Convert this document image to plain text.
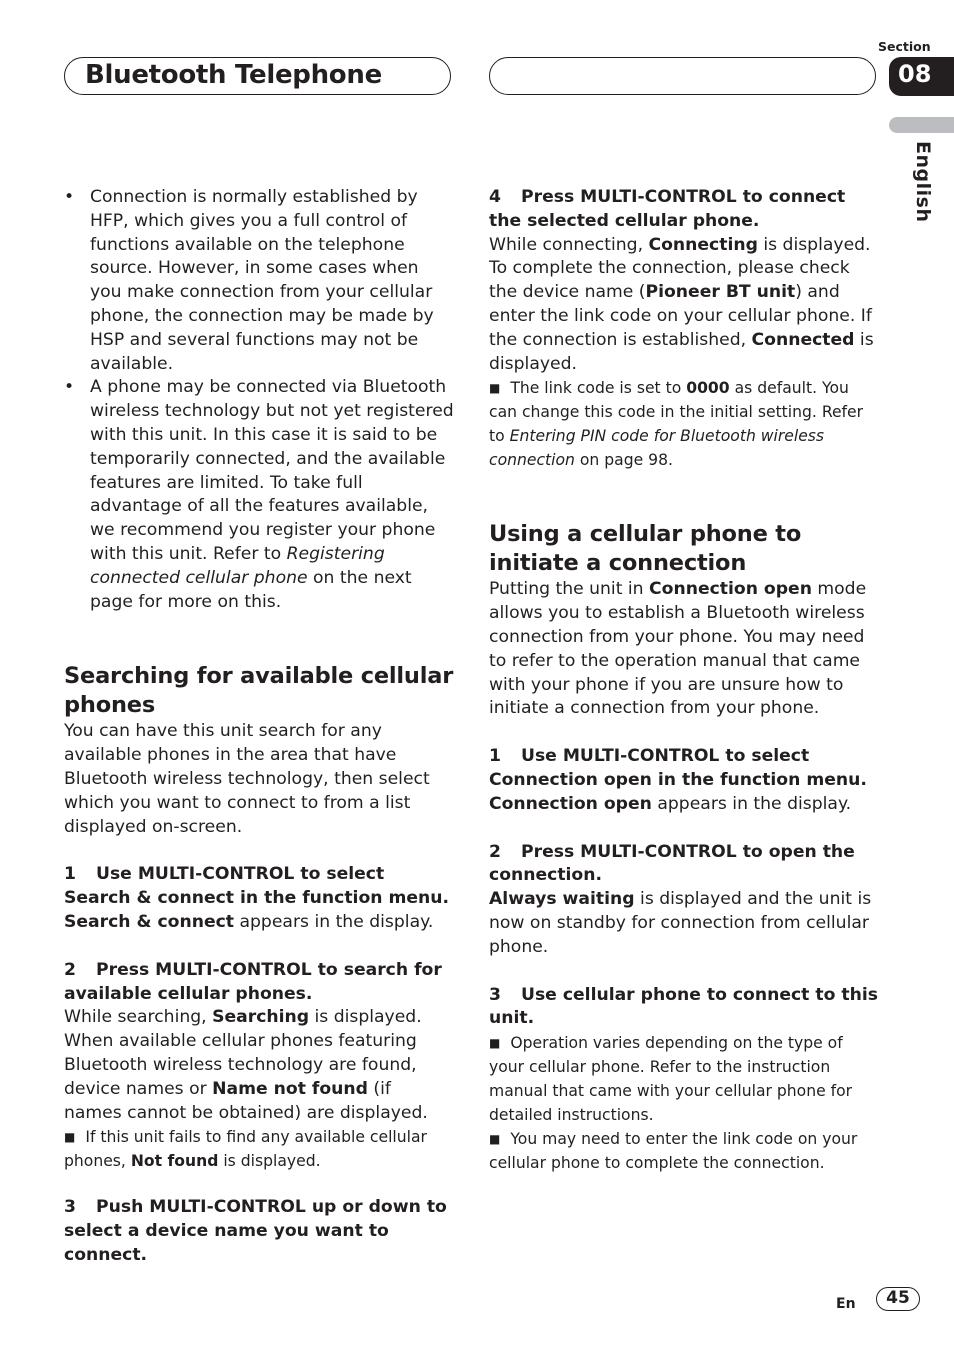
Bluetooth Telephone
Section
08
English
• Connection is normally established by HFP, which gives you a full control of functions available on the telephone source. However, in some cases when you make connection from your cellular phone, the connection may be made by HSP and several functions may not be available.
• A phone may be connected via Bluetooth wireless technology but not yet registered with this unit. In this case it is said to be temporarily connected, and the available features are limited. To take full advantage of all the features available, we recommend you register your phone with this unit. Refer to Registering connected cellular phone on the next page for more on this.
Searching for available cellular phones

You can have this unit search for any available phones in the area that have Bluetooth wireless technology, then select which you want to connect to from a list displayed on-screen.

1 Use MULTI-CONTROL to select Search & connect in the function menu.

Search & connect appears in the display.

2 Press MULTI-CONTROL to search for available cellular phones.

While searching, Searching is displayed. When available cellular phones featuring Bluetooth wireless technology are found, device names or Name not found (if names cannot be obtained) are displayed.

■ If this unit fails to find any available cellular phones, Not found is displayed.

3 Push MULTI-CONTROL up or down to select a device name you want to connect.

4 Press MULTI-CONTROL to connect the selected cellular phone.

While connecting, Connecting is displayed. To complete the connection, please check the device name (Pioneer BT unit) and enter the link code on your cellular phone. If the connection is established, Connected is displayed.

■ The link code is set to 0000 as default. You can change this code in the initial setting. Refer to Entering PIN code for Bluetooth wireless connection on page 98.

Using a cellular phone to initiate a connection

Putting the unit in Connection open mode allows you to establish a Bluetooth wireless connection from your phone. You may need to refer to the operation manual that came with your phone if you are unsure how to initiate a connection from your phone.

1 Use MULTI-CONTROL to select Connection open in the function menu.

Connection open appears in the display.

2 Press MULTI-CONTROL to open the connection.

Always waiting is displayed and the unit is now on standby for connection from cellular phone.

3 Use cellular phone to connect to this unit.

■ Operation varies depending on the type of your cellular phone. Refer to the instruction manual that came with your cellular phone for detailed instructions.

■ You may need to enter the link code on your cellular phone to complete the connection.

En	45
